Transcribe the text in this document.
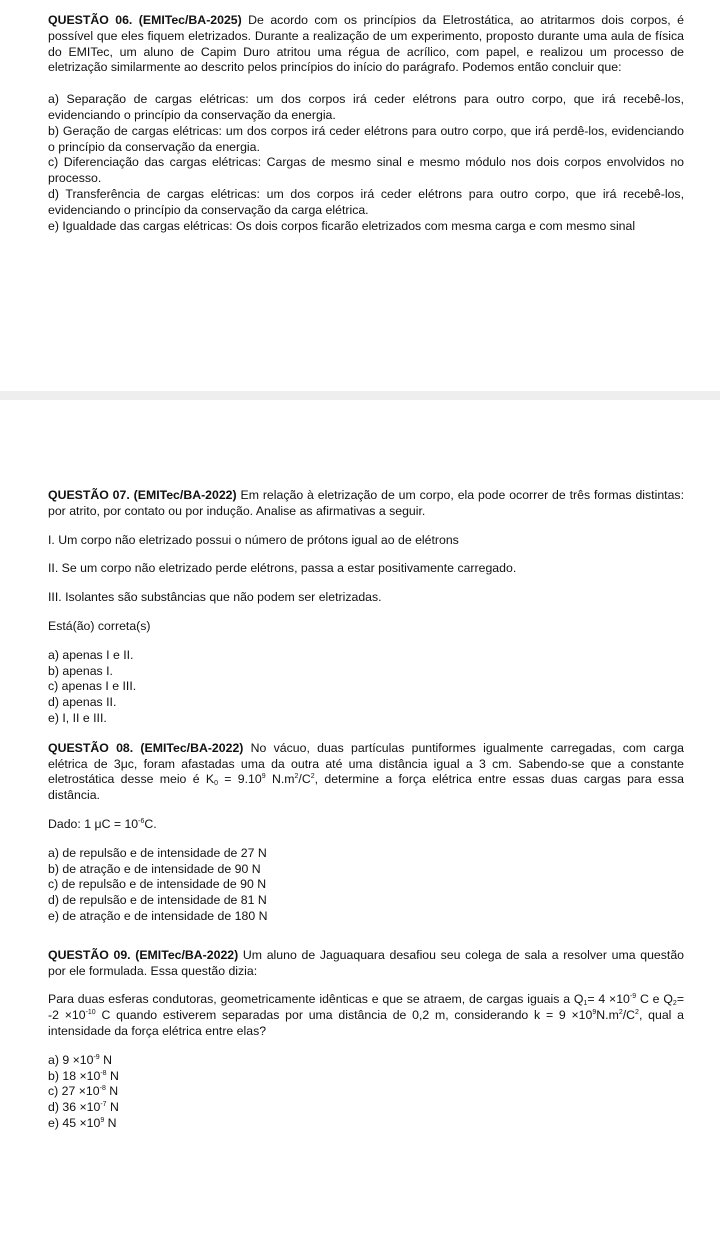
QUESTÃO 06. (EMITec/BA-2025) De acordo com os princípios da Eletrostática, ao atritarmos dois corpos, é possível que eles fiquem eletrizados. Durante a realização de um experimento, proposto durante uma aula de física do EMITec, um aluno de Capim Duro atritou uma régua de acrílico, com papel, e realizou um processo de eletrização similarmente ao descrito pelos princípios do início do parágrafo. Podemos então concluir que:

a) Separação de cargas elétricas: um dos corpos irá ceder elétrons para outro corpo, que irá recebê-los, evidenciando o princípio da conservação da energia.

b) Geração de cargas elétricas: um dos corpos irá ceder elétrons para outro corpo, que irá perdê-los, evidenciando o princípio da conservação da energia.

c) Diferenciação das cargas elétricas: Cargas de mesmo sinal e mesmo módulo nos dois corpos envolvidos no processo.

d) Transferência de cargas elétricas: um dos corpos irá ceder elétrons para outro corpo, que irá recebê-los, evidenciando o princípio da conservação da carga elétrica.

e) Igualdade das cargas elétricas: Os dois corpos ficarão eletrizados com mesma carga e com mesmo sinal

QUESTÃO 07. (EMITec/BA-2022) Em relação à eletrização de um corpo, ela pode ocorrer de três formas distintas: por atrito, por contato ou por indução. Analise as afirmativas a seguir.

I. Um corpo não eletrizado possui o número de prótons igual ao de elétrons

II. Se um corpo não eletrizado perde elétrons, passa a estar positivamente carregado.

III. Isolantes são substâncias que não podem ser eletrizadas.

Está(ão) correta(s)

a) apenas I e II.

b) apenas I.

c) apenas I e III.

d) apenas II.

e) I, II e III.

QUESTÃO 08. (EMITec/BA-2022) No vácuo, duas partículas puntiformes igualmente carregadas, com carga elétrica de 3μc, foram afastadas uma da outra até uma distância igual a 3 cm. Sabendo-se que a constante eletrostática desse meio é $K_0 = 9.10^9$ $N.m^2/C^2$, determine a força elétrica entre essas duas cargas para essa distância.

Dado: 1 $\mu C = 10^{-6}C$.

a) de repulsão e de intensidade de 27 N

b) de atração e de intensidade de 90 N

c) de repulsão e de intensidade de 90 N

d) de repulsão e de intensidade de 81 N

e) de atração e de intensidade de 180 N

QUESTÃO 09. (EMITec/BA-2022) Um aluno de Jaguaquara desafiou seu colega de sala a resolver uma questão por ele formulada. Essa questão dizia:

Para duas esferas condutoras, geometricamente idênticas e que se atraem, de cargas iguais a $Q_1= 4 \times 10^{-9}$ C e $Q_2= -2 \times 10^{-10}$ C quando estiverem separadas por uma distância de 0,2 m, considerando $k = 9 \times 10^9N.m^2/C^2$, qual a intensidade da força elétrica entre elas?

a) $9 \times 10^{-9}$ N

b) $18 \times 10^{-8}$ N

c) $27 \times 10^{-8}$ N

d) $36 \times 10^{-7}$ N

e) $45 \times 10^9$ N
